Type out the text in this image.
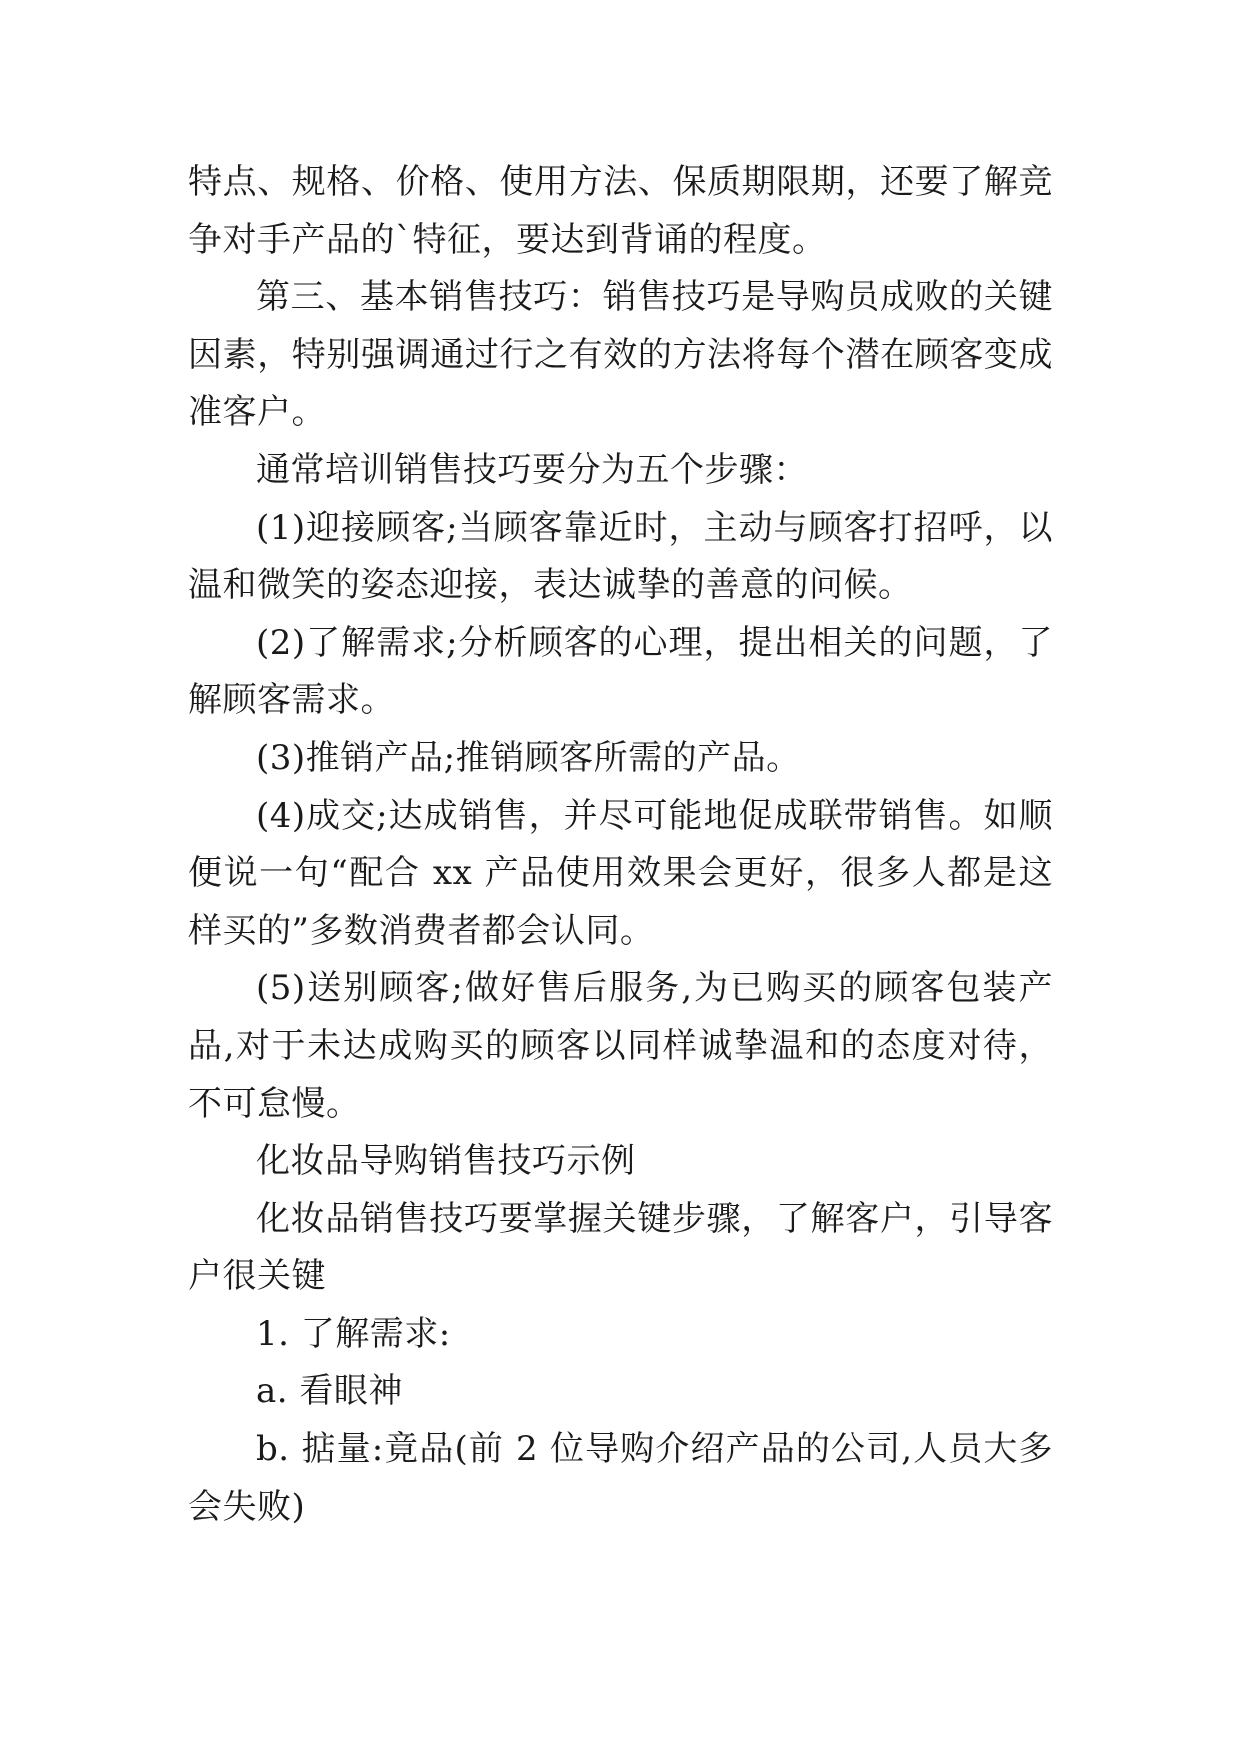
特点、规格、价格、使用方法、保质期限期，还要了解竞争对手产品的`特征，要达到背诵的程度。

第三、基本销售技巧：销售技巧是导购员成败的关键因素，特别强调通过行之有效的方法将每个潜在顾客变成准客户。

通常培训销售技巧要分为五个步骤：

(1)迎接顾客;当顾客靠近时，主动与顾客打招呼，以温和微笑的姿态迎接，表达诚挚的善意的问候。

(2)了解需求;分析顾客的心理，提出相关的问题，了解顾客需求。

(3)推销产品;推销顾客所需的产品。

(4)成交;达成销售，并尽可能地促成联带销售。如顺便说一句“配合 xx 产品使用效果会更好，很多人都是这样买的”多数消费者都会认同。

(5)送别顾客;做好售后服务,为已购买的顾客包装产品,对于未达成购买的顾客以同样诚挚温和的态度对待，不可怠慢。

化妆品导购销售技巧示例

化妆品销售技巧要掌握关键步骤，了解客户，引导客户很关键

1. 了解需求:

a. 看眼神

b. 掂量:竟品(前 2 位导购介绍产品的公司,人员大多会失败)
